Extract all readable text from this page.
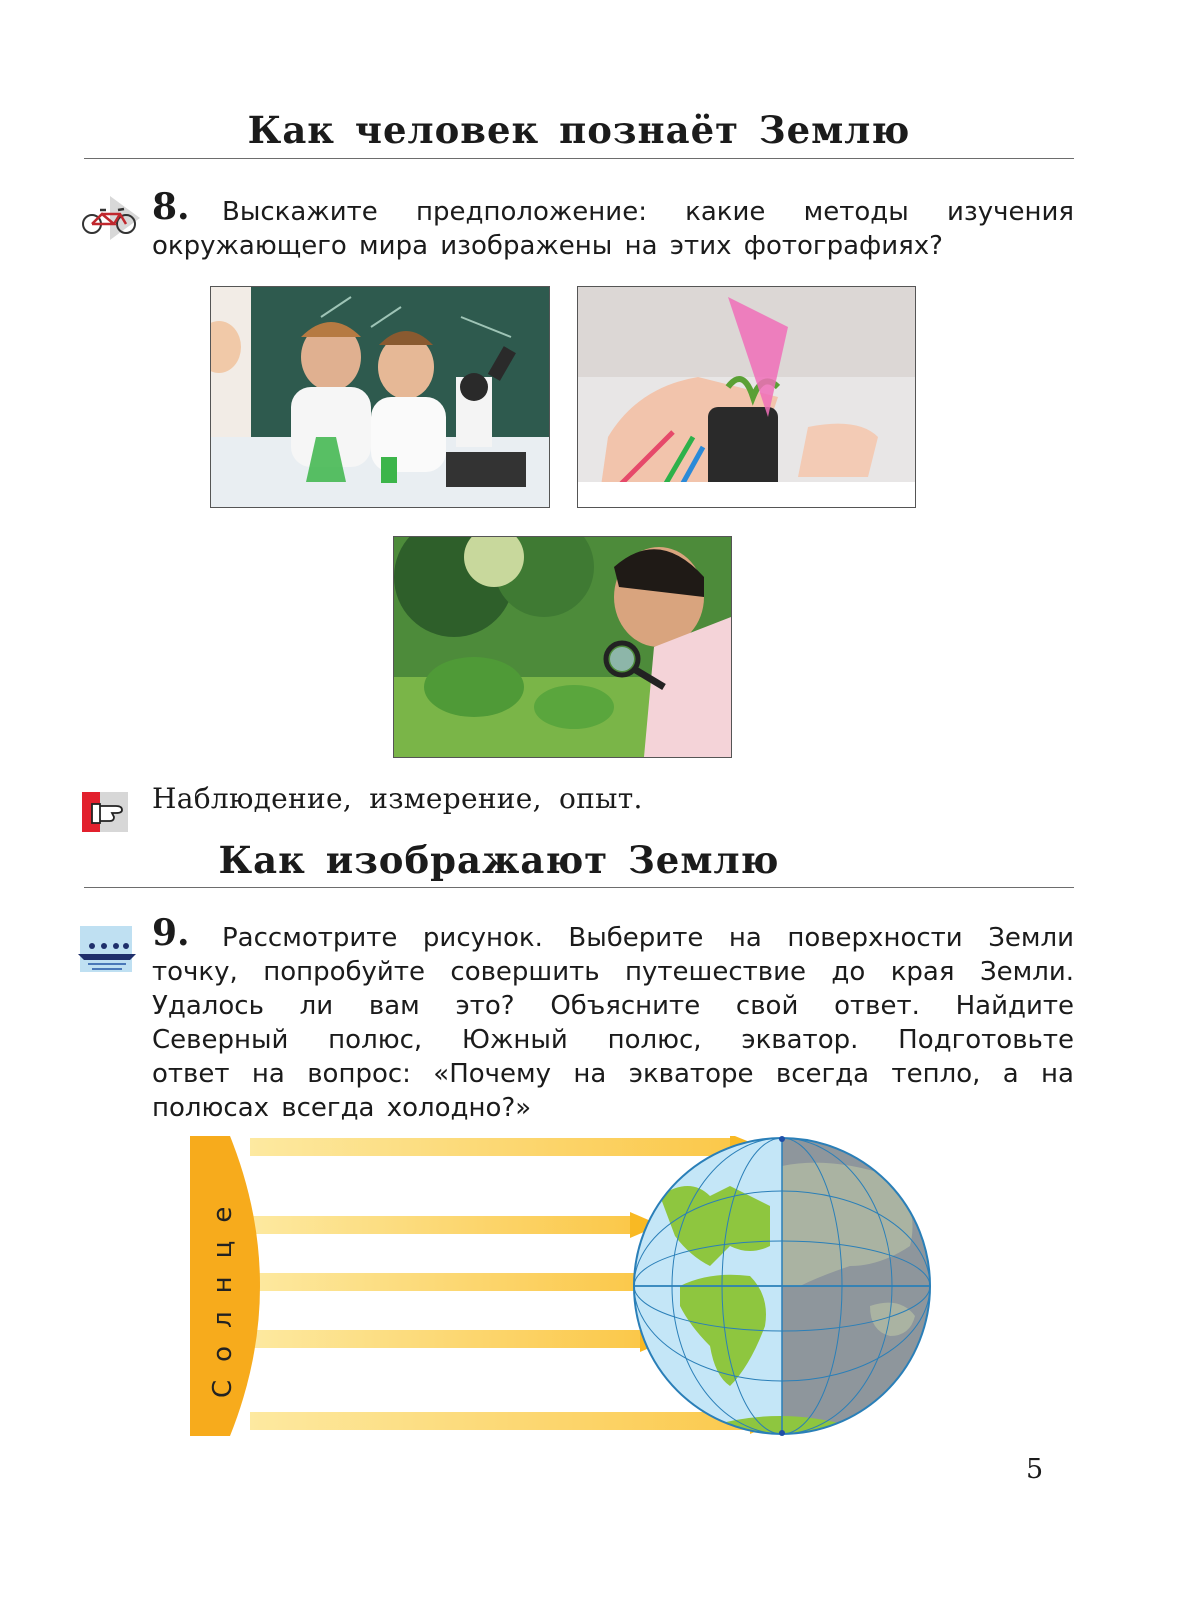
Как человек познаёт Землю
8.	Выскажите предположение: какие методы изучения
окружающего мира изображены на этих фотографиях?
Наблюдение, измерение, опыт.
Как изображают Землю
9.	Рассмотрите рисунок. Выберите на поверхности Земли
точку, попробуйте совершить путешествие до края Земли.
Удалось ли вам это? Объясните свой ответ. Найдите
Северный полюс, Южный полюс, экватор. Подготовьте
ответ на вопрос: «Почему на экваторе всегда тепло, а на
полюсах всегда холодно?»
Солнце
5
